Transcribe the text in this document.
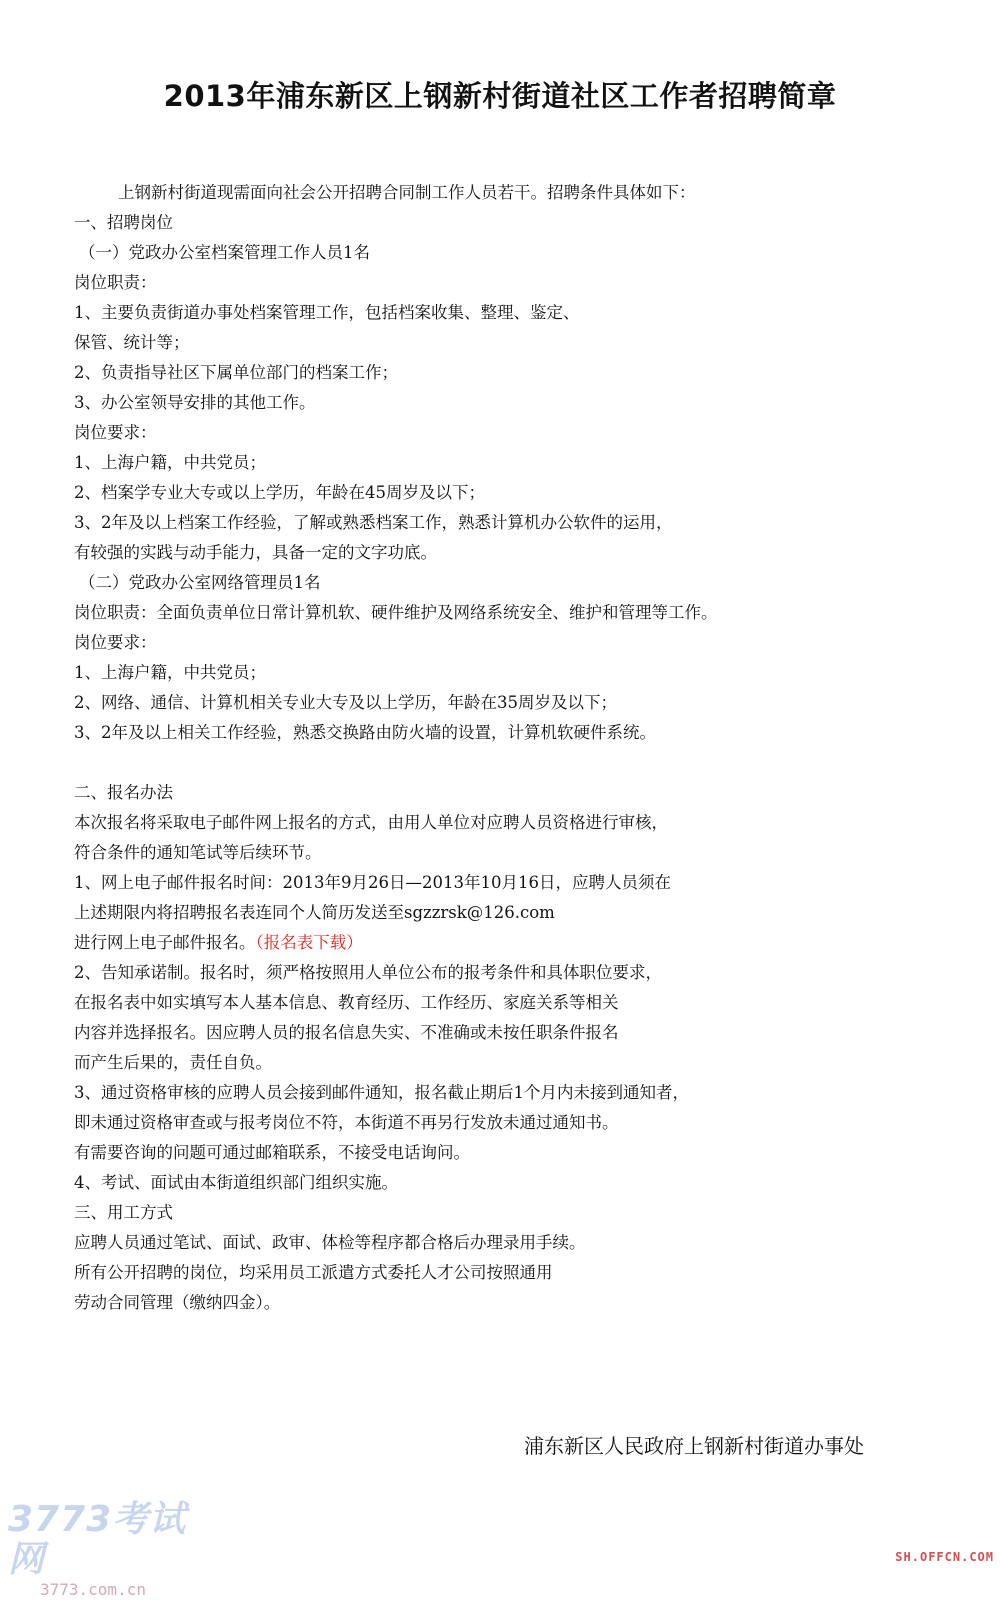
2013年浦东新区上钢新村街道社区工作者招聘简章
上钢新村街道现需面向社会公开招聘合同制工作人员若干。招聘条件具体如下：
一、招聘岗位
（一）党政办公室档案管理工作人员1名
岗位职责：
1、主要负责街道办事处档案管理工作，包括档案收集、整理、鉴定、
保管、统计等；
2、负责指导社区下属单位部门的档案工作；
3、办公室领导安排的其他工作。
岗位要求：
1、上海户籍，中共党员；
2、档案学专业大专或以上学历，年龄在45周岁及以下；
3、2年及以上档案工作经验，了解或熟悉档案工作，熟悉计算机办公软件的运用，
有较强的实践与动手能力，具备一定的文字功底。
（二）党政办公室网络管理员1名
岗位职责：全面负责单位日常计算机软、硬件维护及网络系统安全、维护和管理等工作。
岗位要求：
1、上海户籍，中共党员；
2、网络、通信、计算机相关专业大专及以上学历，年龄在35周岁及以下；
3、2年及以上相关工作经验，熟悉交换路由防火墙的设置，计算机软硬件系统。
二、报名办法
本次报名将采取电子邮件网上报名的方式，由用人单位对应聘人员资格进行审核，
符合条件的通知笔试等后续环节。
1、网上电子邮件报名时间：2013年9月26日—2013年10月16日，应聘人员须在
上述期限内将招聘报名表连同个人简历发送至sgzzrsk@126.com
进行网上电子邮件报名。（报名表下载）
2、告知承诺制。报名时，须严格按照用人单位公布的报考条件和具体职位要求，
在报名表中如实填写本人基本信息、教育经历、工作经历、家庭关系等相关
内容并选择报名。因应聘人员的报名信息失实、不准确或未按任职条件报名
而产生后果的，责任自负。
3、通过资格审核的应聘人员会接到邮件通知，报名截止期后1个月内未接到通知者，
即未通过资格审查或与报考岗位不符，本街道不再另行发放未通过通知书。
有需要咨询的问题可通过邮箱联系，不接受电话询问。
4、考试、面试由本街道组织部门组织实施。
三、用工方式
应聘人员通过笔试、面试、政审、体检等程序都合格后办理录用手续。
所有公开招聘的岗位，均采用员工派遣方式委托人才公司按照通用
劳动合同管理（缴纳四金）。
浦东新区人民政府上钢新村街道办事处
3773考试网
3773.com.cn
SH.OFFCN.COM
